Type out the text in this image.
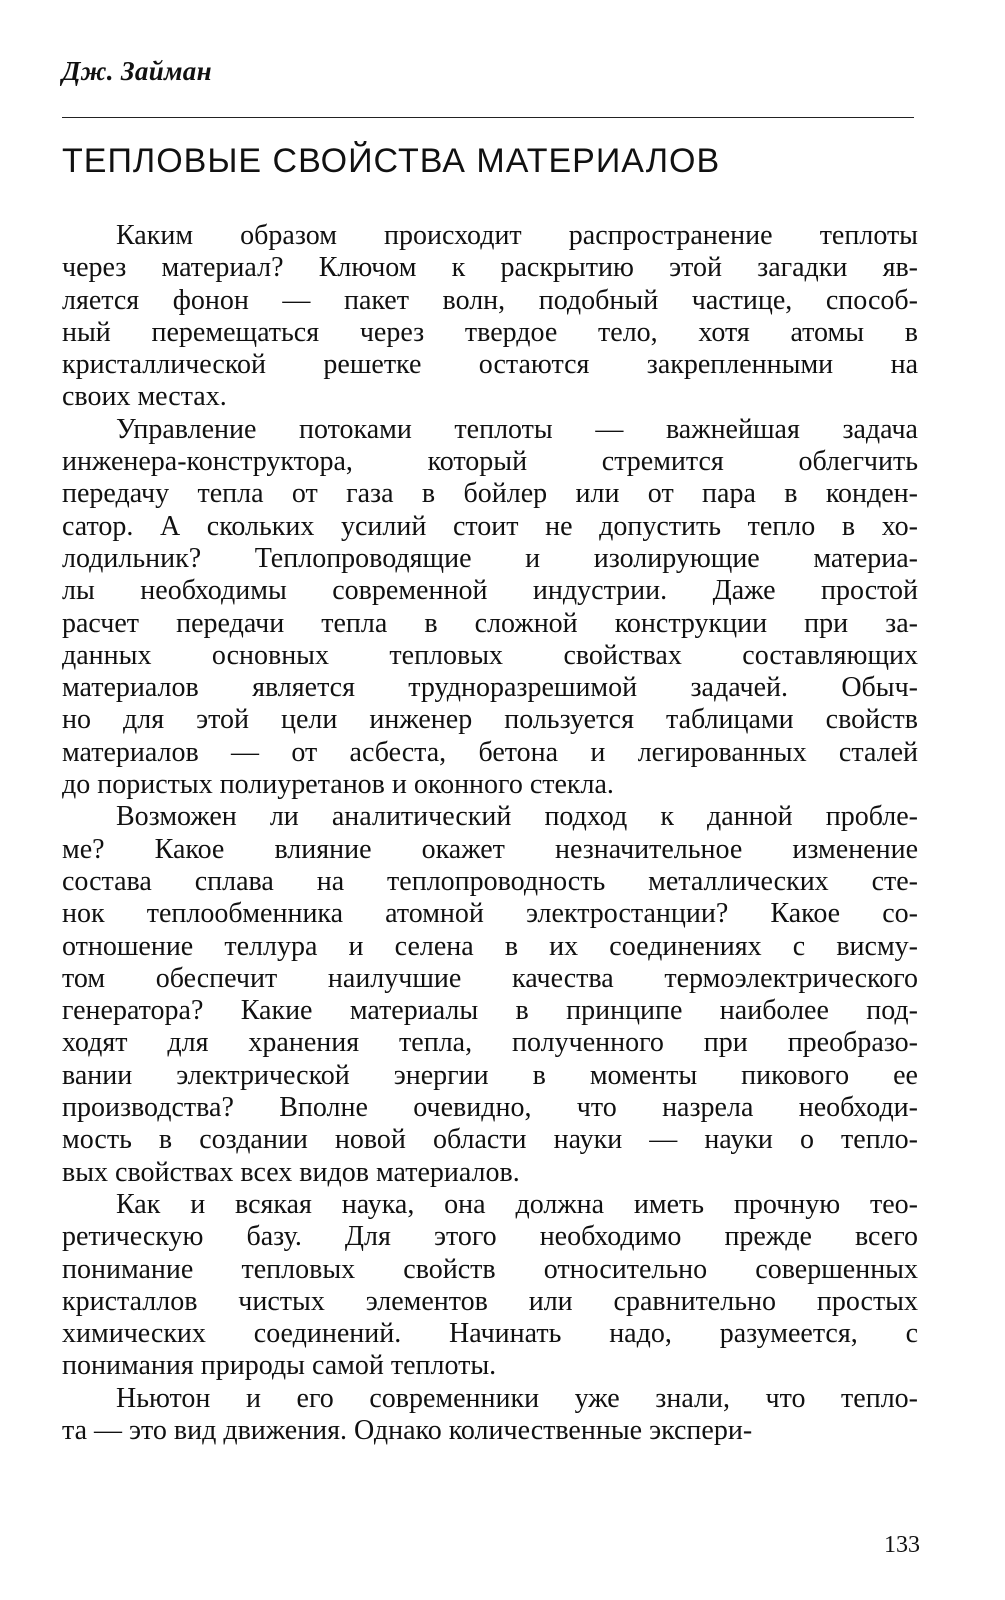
Дж. Займан
ТЕПЛОВЫЕ СВОЙСТВА МАТЕРИАЛОВ
Каким образом происходит распространение теплоты
через материал? Ключом к раскрытию этой загадки яв-
ляется фонон — пакет волн, подобный частице, способ-
ный перемещаться через твердое тело, хотя атомы в
кристаллической решетке остаются закрепленными на
своих местах.
Управление потоками теплоты — важнейшая задача
инженера-конструктора, который стремится облегчить
передачу тепла от газа в бойлер или от пара в конден-
сатор. А скольких усилий стоит не допустить тепло в хо-
лодильник? Теплопроводящие и изолирующие материа-
лы необходимы современной индустрии. Даже простой
расчет передачи тепла в сложной конструкции при за-
данных основных тепловых свойствах составляющих
материалов является трудноразрешимой задачей. Обыч-
но для этой цели инженер пользуется таблицами свойств
материалов — от асбеста, бетона и легированных сталей
до пористых полиуретанов и оконного стекла.
Возможен ли аналитический подход к данной пробле-
ме? Какое влияние окажет незначительное изменение
состава сплава на теплопроводность металлических сте-
нок теплообменника атомной электростанции? Какое со-
отношение теллура и селена в их соединениях с висму-
том обеспечит наилучшие качества термоэлектрического
генератора? Какие материалы в принципе наиболее под-
ходят для хранения тепла, полученного при преобразо-
вании электрической энергии в моменты пикового ее
производства? Вполне очевидно, что назрела необходи-
мость в создании новой области науки — науки о тепло-
вых свойствах всех видов материалов.
Как и всякая наука, она должна иметь прочную тео-
ретическую базу. Для этого необходимо прежде всего
понимание тепловых свойств относительно совершенных
кристаллов чистых элементов или сравнительно простых
химических соединений. Начинать надо, разумеется, с
понимания природы самой теплоты.
Ньютон и его современники уже знали, что тепло-
та — это вид движения. Однако количественные экспери-
133
